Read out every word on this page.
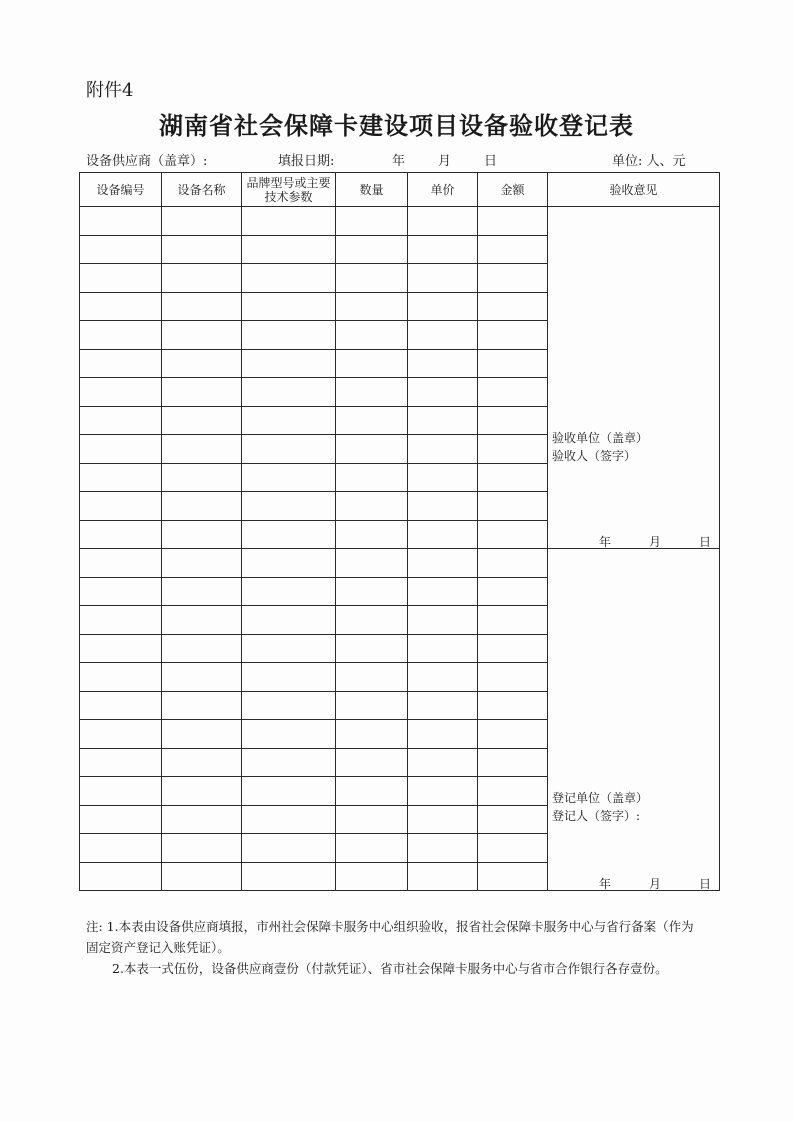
附件4
湖南省社会保障卡建设项目设备验收登记表
设备供应商（盖章）:	填报日期:	年	月	日	单位: 人、元
设备编号	设备名称	品牌型号或主要技术参数	数量	单价	金额	验收意见

						验收单位（盖章）
验收人（签字）
年 月 日

						登记单位（盖章）
登记人（签字）:
年 月 日

注: 1.本表由设备供应商填报，市州社会保障卡服务中心组织验收，报省社会保障卡服务中心与省行备案（作为固定资产登记入账凭证）。

2.本表一式伍份，设备供应商壹份（付款凭证）、省市社会保障卡服务中心与省市合作银行各存壹份。
